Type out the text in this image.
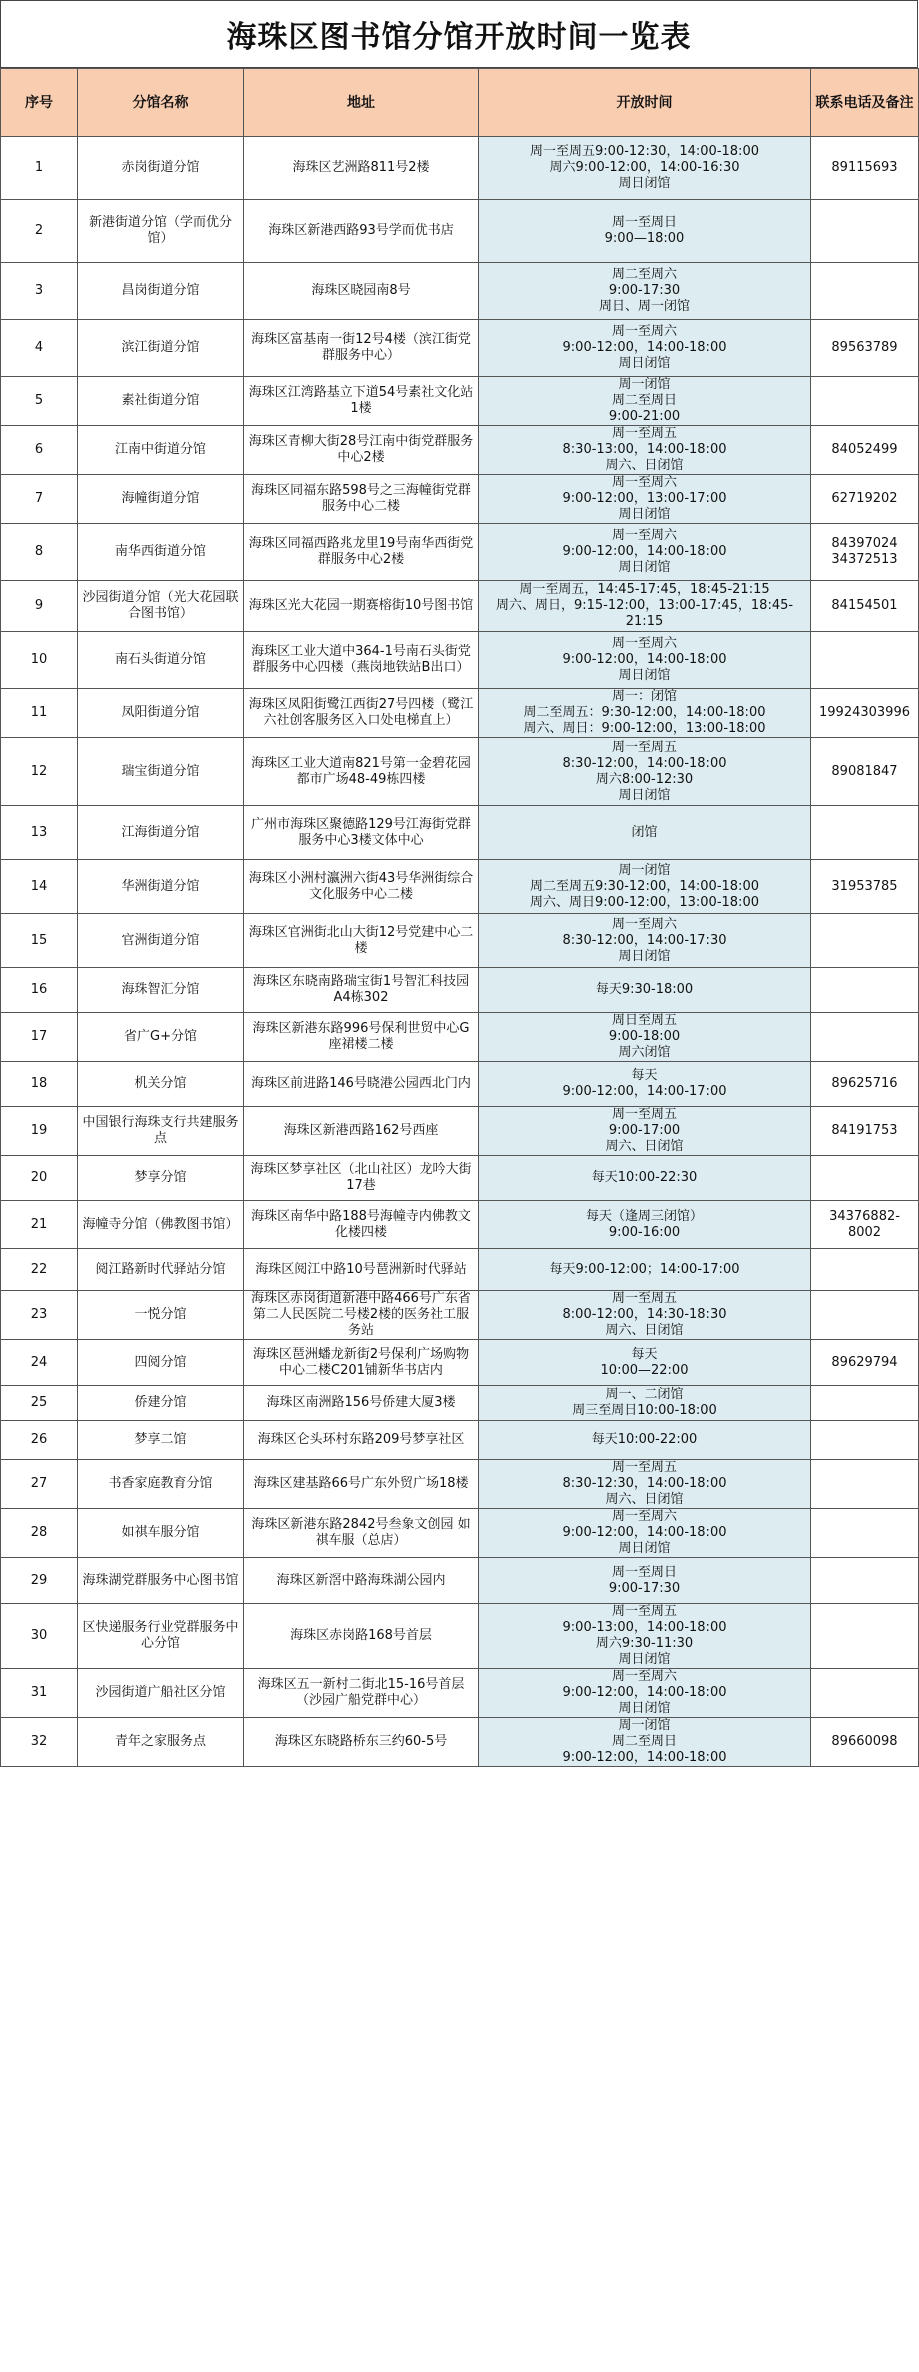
海珠区图书馆分馆开放时间一览表
序号	分馆名称	地址	开放时间	联系电话及备注
1	赤岗街道分馆	海珠区艺洲路811号2楼	周一至周五9:00-12:30，14:00-18:00
周六9:00-12:00，14:00-16:30
周日闭馆	89115693
2	新港街道分馆（学而优分馆）	海珠区新港西路93号学而优书店	周一至周日
9:00—18:00	
3	昌岗街道分馆	海珠区晓园南8号	周二至周六
9:00-17:30
周日、周一闭馆	
4	滨江街道分馆	海珠区富基南一街12号4楼（滨江街党群服务中心）	周一至周六
9:00-12:00，14:00-18:00
周日闭馆	89563789
5	素社街道分馆	海珠区江湾路基立下道54号素社文化站1楼	周一闭馆
周二至周日
9:00-21:00	
6	江南中街道分馆	海珠区青柳大街28号江南中街党群服务中心2楼	周一至周五
8:30-13:00，14:00-18:00
周六、日闭馆	84052499
7	海幢街道分馆	海珠区同福东路598号之三海幢街党群服务中心二楼	周一至周六
9:00-12:00，13:00-17:00
周日闭馆	62719202
8	南华西街道分馆	海珠区同福西路兆龙里19号南华西街党群服务中心2楼	周一至周六
9:00-12:00，14:00-18:00
周日闭馆	84397024
34372513
9	沙园街道分馆（光大花园联合图书馆）	海珠区光大花园一期赛榕街10号图书馆	周一至周五，14:45-17:45，18:45-21:15
周六、周日，9:15-12:00，13:00-17:45，18:45-21:15	84154501
10	南石头街道分馆	海珠区工业大道中364-1号南石头街党群服务中心四楼（燕岗地铁站B出口）	周一至周六
9:00-12:00，14:00-18:00
周日闭馆	
11	凤阳街道分馆	海珠区凤阳街鹭江西街27号四楼（鹭江六社创客服务区入口处电梯直上）	周一：闭馆
周二至周五：9:30-12:00，14:00-18:00
周六、周日：9:00-12:00，13:00-18:00	19924303996
12	瑞宝街道分馆	海珠区工业大道南821号第一金碧花园都市广场48-49栋四楼	周一至周五
8:30-12:00，14:00-18:00
周六8:00-12:30
周日闭馆	89081847
13	江海街道分馆	广州市海珠区聚德路129号江海街党群服务中心3楼文体中心	闭馆	
14	华洲街道分馆	海珠区小洲村瀛洲六街43号华洲街综合文化服务中心二楼	周一闭馆
周二至周五9:30-12:00，14:00-18:00
周六、周日9:00-12:00，13:00-18:00	31953785
15	官洲街道分馆	海珠区官洲街北山大街12号党建中心二楼	周一至周六
8:30-12:00，14:00-17:30
周日闭馆	
16	海珠智汇分馆	海珠区东晓南路瑞宝街1号智汇科技园A4栋302	每天9:30-18:00	
17	省广G+分馆	海珠区新港东路996号保利世贸中心G座裙楼二楼	周日至周五
9:00-18:00
周六闭馆	
18	机关分馆	海珠区前进路146号晓港公园西北门内	每天
9:00-12:00，14:00-17:00	89625716
19	中国银行海珠支行共建服务点	海珠区新港西路162号西座	周一至周五
9:00-17:00
周六、日闭馆	84191753
20	梦享分馆	海珠区梦享社区（北山社区）龙吟大街17巷	每天10:00-22:30	
21	海幢寺分馆（佛教图书馆）	海珠区南华中路188号海幢寺内佛教文化楼四楼	每天（逢周三闭馆）
9:00-16:00	34376882-8002
22	阅江路新时代驿站分馆	海珠区阅江中路10号琶洲新时代驿站	每天9:00-12:00；14:00-17:00	
23	一悦分馆	海珠区赤岗街道新港中路466号广东省第二人民医院二号楼2楼的医务社工服务站	周一至周五
8:00-12:00，14:30-18:30
周六、日闭馆	
24	四阅分馆	海珠区琶洲蟠龙新街2号保利广场购物中心二楼C201铺新华书店内	每天
10:00—22:00	89629794
25	侨建分馆	海珠区南洲路156号侨建大厦3楼	周一、二闭馆
周三至周日10:00-18:00	
26	梦享二馆	海珠区仑头环村东路209号梦享社区	每天10:00-22:00	
27	书香家庭教育分馆	海珠区建基路66号广东外贸广场18楼	周一至周五
8:30-12:30，14:00-18:00
周六、日闭馆	
28	如祺车服分馆	海珠区新港东路2842号叁象文创园 如祺车服（总店）	周一至周六
9:00-12:00，14:00-18:00
周日闭馆	
29	海珠湖党群服务中心图书馆	海珠区新滘中路海珠湖公园内	周一至周日
9:00-17:30	
30	区快递服务行业党群服务中心分馆	海珠区赤岗路168号首层	周一至周五
9:00-13:00，14:00-18:00
周六9:30-11:30
周日闭馆	
31	沙园街道广船社区分馆	海珠区五一新村二街北15-16号首层（沙园广船党群中心）	周一至周六
9:00-12:00，14:00-18:00
周日闭馆	
32	青年之家服务点	海珠区东晓路桥东三约60-5号	周一闭馆
周二至周日
9:00-12:00，14:00-18:00	89660098
